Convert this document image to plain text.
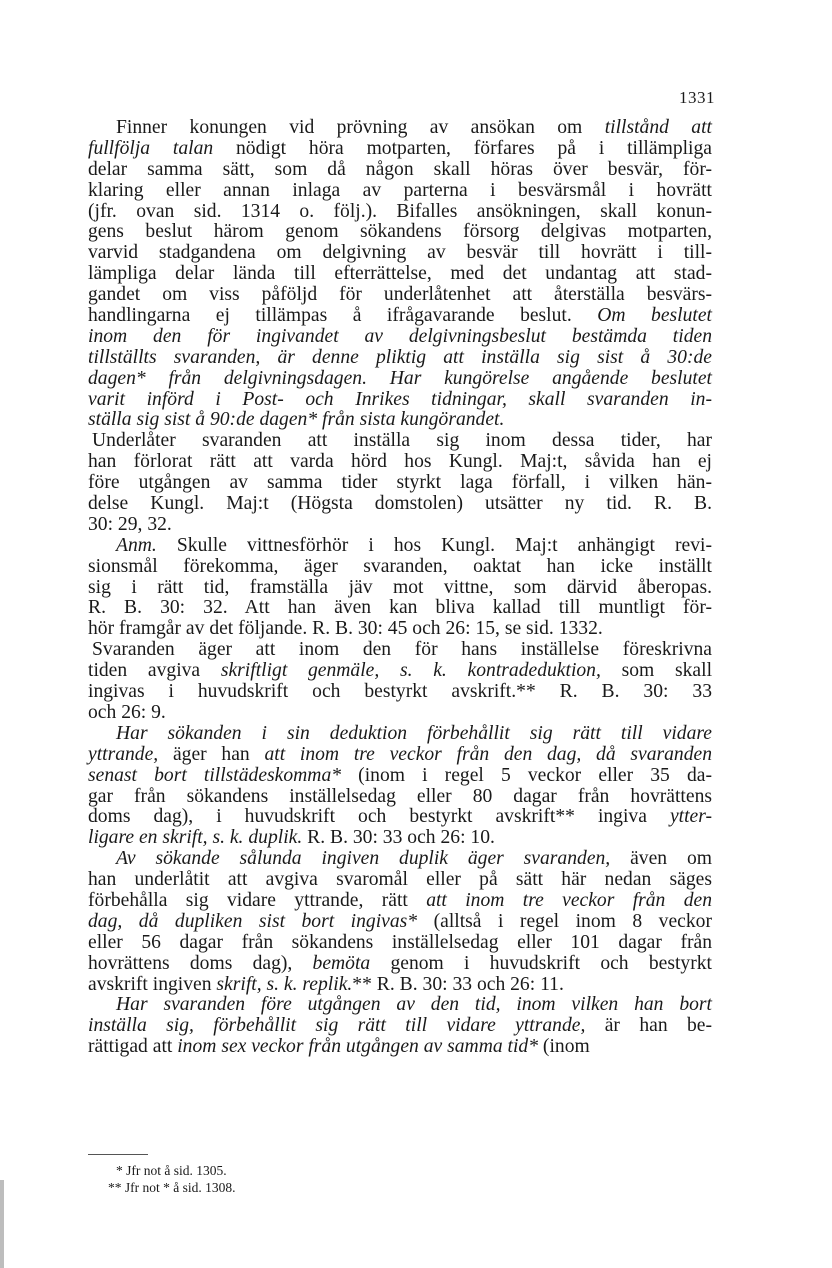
1331
Finner konungen vid prövning av ansökan om tillstånd att
fullfölja talan nödigt höra motparten, förfares på i tillämpliga
delar samma sätt, som då någon skall höras över besvär, för-
klaring eller annan inlaga av parterna i besvärsmål i hovrätt
(jfr. ovan sid. 1314 o. följ.). Bifalles ansökningen, skall konun-
gens beslut härom genom sökandens försorg delgivas motparten,
varvid stadgandena om delgivning av besvär till hovrätt i till-
lämpliga delar lända till efterrättelse, med det undantag att stad-
gandet om viss påföljd för underlåtenhet att återställa besvärs-
handlingarna ej tillämpas å ifrågavarande beslut. Om beslutet
inom den för ingivandet av delgivningsbeslut bestämda tiden
tillställts svaranden, är denne pliktig att inställa sig sist å 30:de
dagen* från delgivningsdagen. Har kungörelse angående beslutet
varit införd i Post- och Inrikes tidningar, skall svaranden in-
ställa sig sist å 90:de dagen* från sista kungörandet.
Underlåter svaranden att inställa sig inom dessa tider, har
han förlorat rätt att varda hörd hos Kungl. Maj:t, såvida han ej
före utgången av samma tider styrkt laga förfall, i vilken hän-
delse Kungl. Maj:t (Högsta domstolen) utsätter ny tid. R. B.
30: 29, 32.
Anm. Skulle vittnesförhör i hos Kungl. Maj:t anhängigt revi-
sionsmål förekomma, äger svaranden, oaktat han icke inställt
sig i rätt tid, framställa jäv mot vittne, som därvid åberopas.
R. B. 30: 32. Att han även kan bliva kallad till muntligt för-
hör framgår av det följande. R. B. 30: 45 och 26: 15, se sid. 1332.
Svaranden äger att inom den för hans inställelse föreskrivna
tiden avgiva skriftligt genmäle, s. k. kontradeduktion, som skall
ingivas i huvudskrift och bestyrkt avskrift.** R. B. 30: 33
och 26: 9.
Har sökanden i sin deduktion förbehållit sig rätt till vidare
yttrande, äger han att inom tre veckor från den dag, då svaranden
senast bort tillstädeskomma* (inom i regel 5 veckor eller 35 da-
gar från sökandens inställelsedag eller 80 dagar från hovrättens
doms dag), i huvudskrift och bestyrkt avskrift** ingiva ytter-
ligare en skrift, s. k. duplik. R. B. 30: 33 och 26: 10.
Av sökande sålunda ingiven duplik äger svaranden, även om
han underlåtit att avgiva svaromål eller på sätt här nedan säges
förbehålla sig vidare yttrande, rätt att inom tre veckor från den
dag, då dupliken sist bort ingivas* (alltså i regel inom 8 veckor
eller 56 dagar från sökandens inställelsedag eller 101 dagar från
hovrättens doms dag), bemöta genom i huvudskrift och bestyrkt
avskrift ingiven skrift, s. k. replik.** R. B. 30: 33 och 26: 11.
Har svaranden före utgången av den tid, inom vilken han bort
inställa sig, förbehållit sig rätt till vidare yttrande, är han be-
rättigad att inom sex veckor från utgången av samma tid* (inom
* Jfr not å sid. 1305.
** Jfr not * å sid. 1308.
